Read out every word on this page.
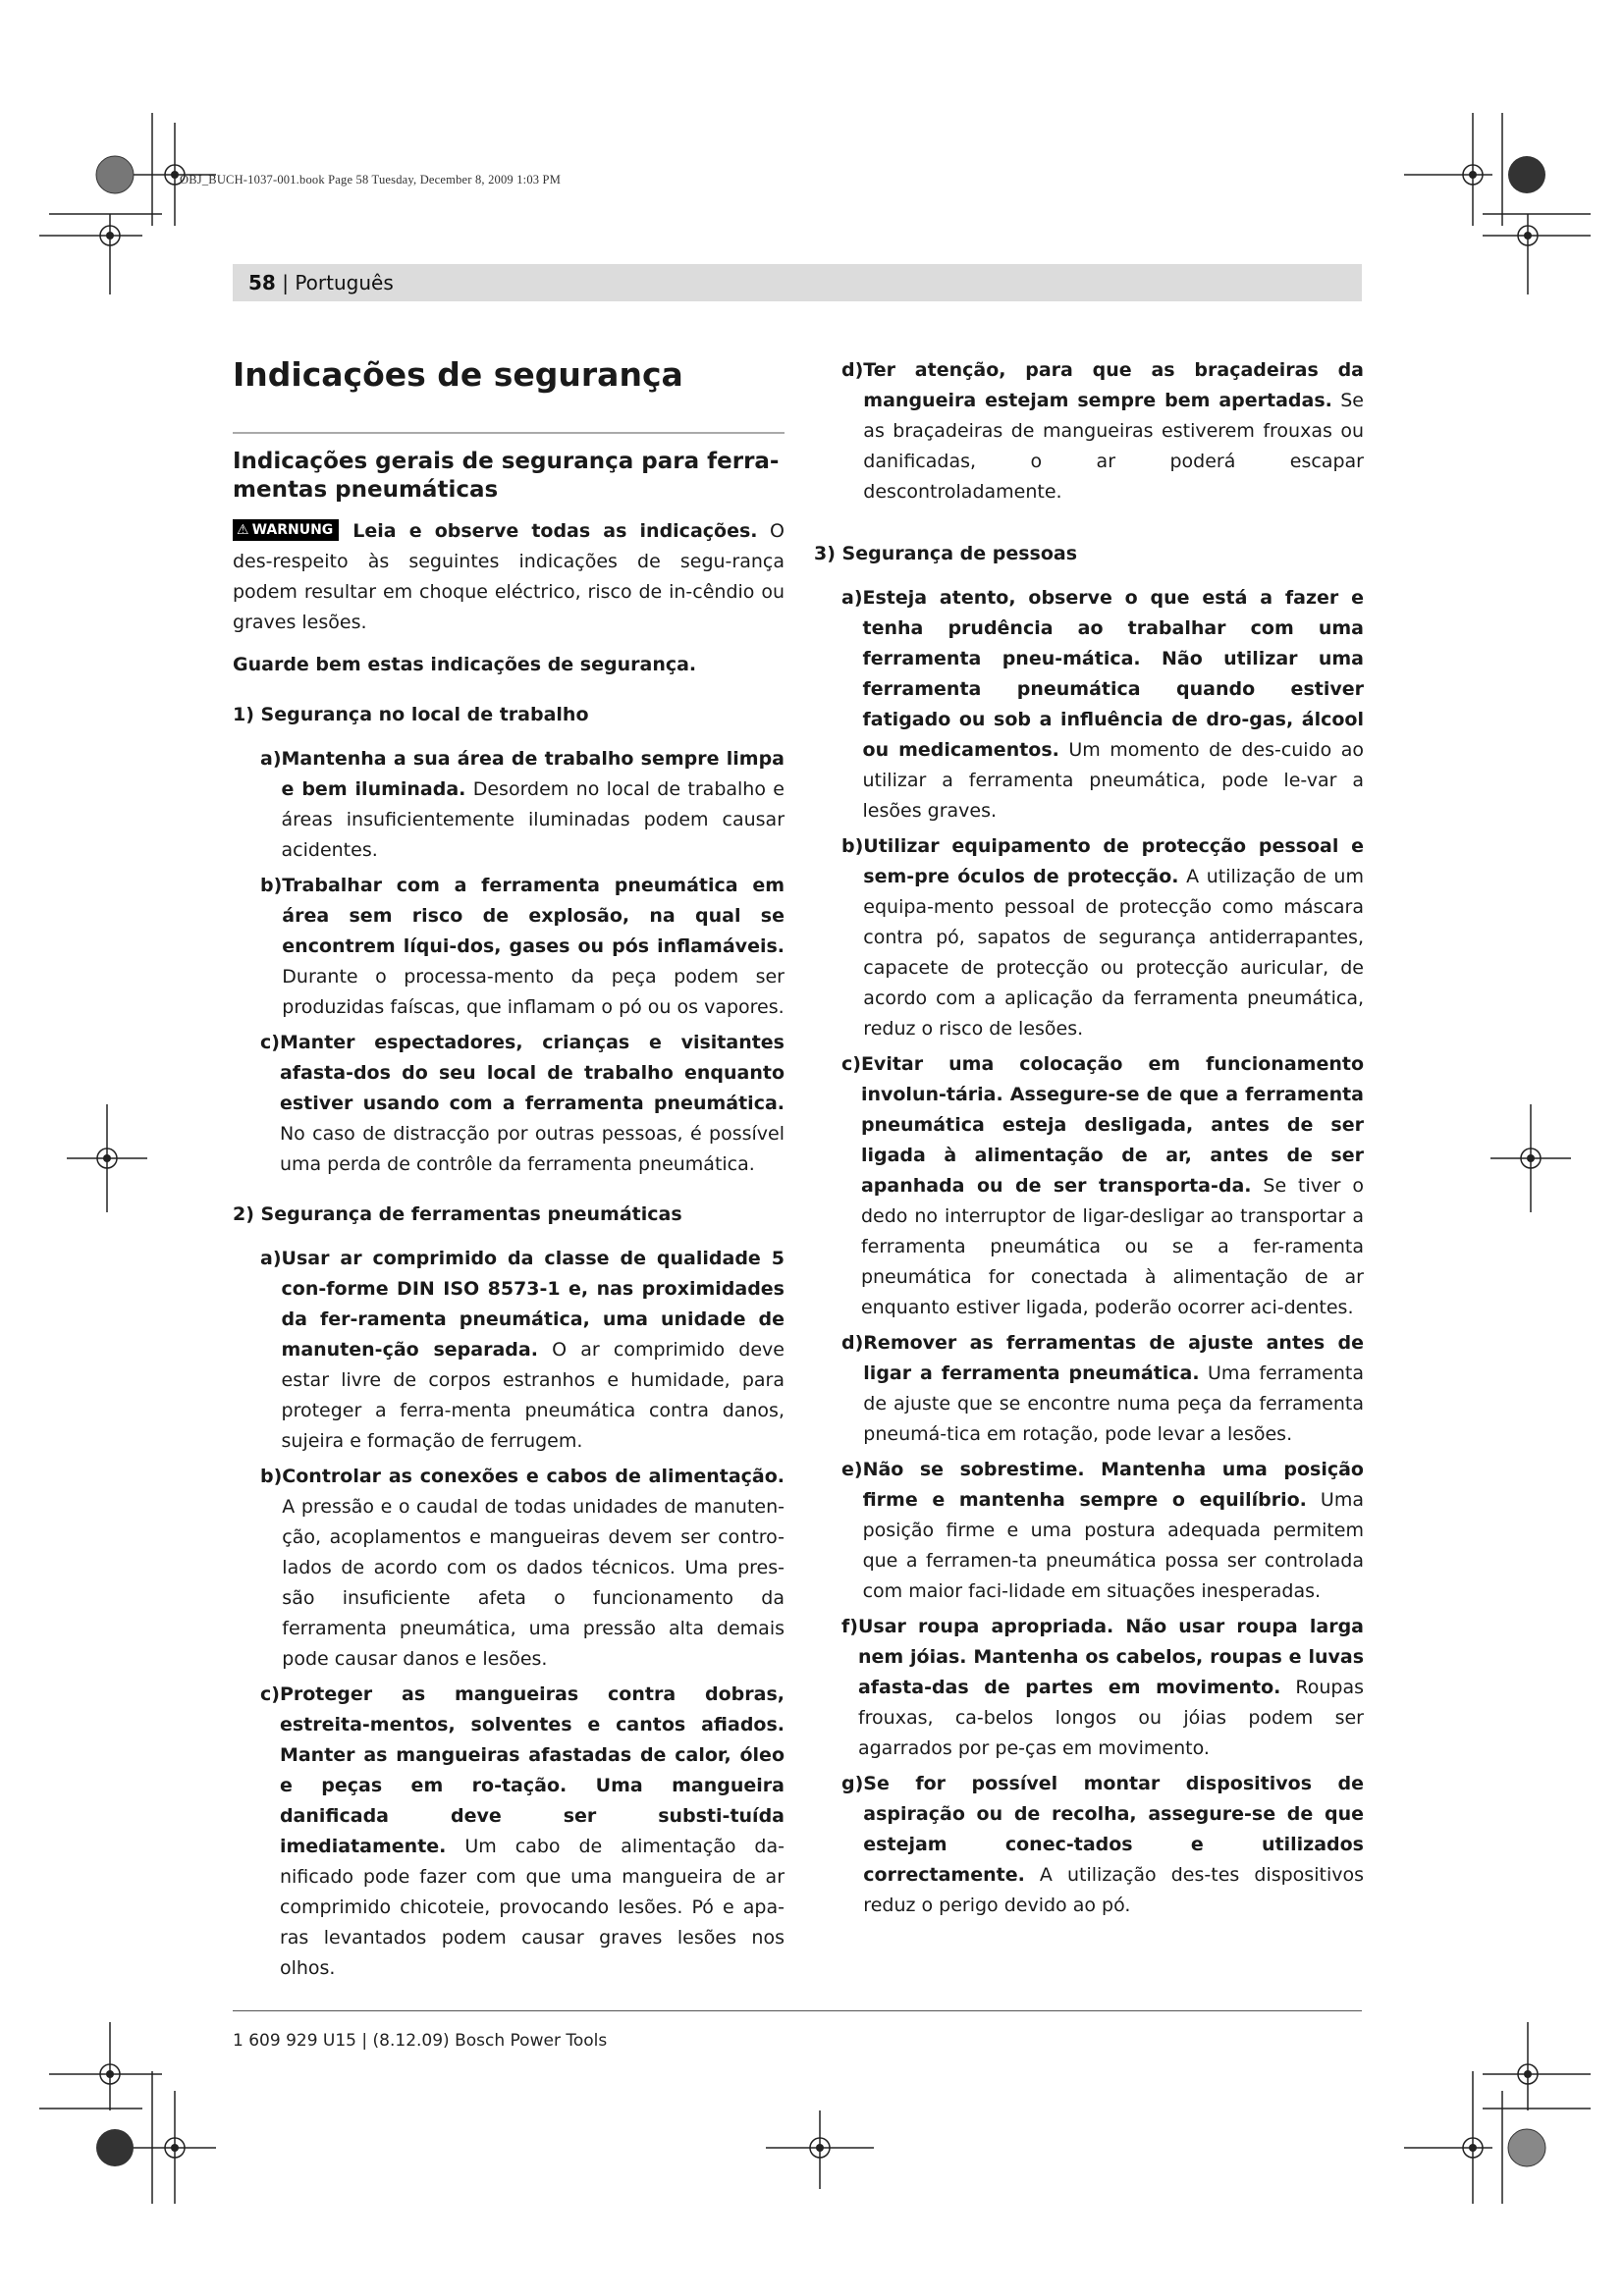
OBJ_BUCH-1037-001.book Page 58 Tuesday, December 8, 2009 1:03 PM
58 | Português
Indicações de segurança
Indicações gerais de segurança para ferra-mentas pneumáticas
⚠ WARNUNG	Leia e observe todas as indicações. O des-respeito às seguintes indicações de segu-rança podem resultar em choque eléctrico, risco de in-cêndio ou graves lesões.

Guarde bem estas indicações de segurança.

1) Segurança no local de trabalho

a) Mantenha a sua área de trabalho sempre limpa e bem iluminada. Desordem no local de trabalho e áreas insuficientemente iluminadas podem causar acidentes.

b) Trabalhar com a ferramenta pneumática em área sem risco de explosão, na qual se encontrem líqui-dos, gases ou pós inflamáveis. Durante o processa-mento da peça podem ser produzidas faíscas, que inflamam o pó ou os vapores.

c) Manter espectadores, crianças e visitantes afasta-dos do seu local de trabalho enquanto estiver usando com a ferramenta pneumática. No caso de distracção por outras pessoas, é possível uma perda de contrôle da ferramenta pneumática.

2) Segurança de ferramentas pneumáticas

a) Usar ar comprimido da classe de qualidade 5 con-forme DIN ISO 8573-1 e, nas proximidades da fer-ramenta pneumática, uma unidade de manuten-ção separada. O ar comprimido deve estar livre de corpos estranhos e humidade, para proteger a ferra-menta pneumática contra danos, sujeira e formação de ferrugem.

b) Controlar as conexões e cabos de alimentação. A pressão e o caudal de todas unidades de manuten-ção, acoplamentos e mangueiras devem ser contro-lados de acordo com os dados técnicos. Uma pres-são insuficiente afeta o funcionamento da ferramenta pneumática, uma pressão alta demais pode causar danos e lesões.

c) Proteger as mangueiras contra dobras, estreita-mentos, solventes e cantos afiados. Manter as mangueiras afastadas de calor, óleo e peças em ro-tação. Uma mangueira danificada deve ser substi-tuída imediatamente. Um cabo de alimentação da-nificado pode fazer com que uma mangueira de ar comprimido chicoteie, provocando lesões. Pó e apa-ras levantados podem causar graves lesões nos olhos.

d) Ter atenção, para que as braçadeiras da mangueira estejam sempre bem apertadas. Se as braçadeiras de mangueiras estiverem frouxas ou danificadas, o ar poderá escapar descontroladamente.

3) Segurança de pessoas

a) Esteja atento, observe o que está a fazer e tenha prudência ao trabalhar com uma ferramenta pneu-mática. Não utilizar uma ferramenta pneumática quando estiver fatigado ou sob a influência de dro-gas, álcool ou medicamentos. Um momento de des-cuido ao utilizar a ferramenta pneumática, pode le-var a lesões graves.

b) Utilizar equipamento de protecção pessoal e sem-pre óculos de protecção. A utilização de um equipa-mento pessoal de protecção como máscara contra pó, sapatos de segurança antiderrapantes, capacete de protecção ou protecção auricular, de acordo com a aplicação da ferramenta pneumática, reduz o risco de lesões.

c) Evitar uma colocação em funcionamento involun-tária. Assegure-se de que a ferramenta pneumática esteja desligada, antes de ser ligada à alimentação de ar, antes de ser apanhada ou de ser transporta-da. Se tiver o dedo no interruptor de ligar-desligar ao transportar a ferramenta pneumática ou se a fer-ramenta pneumática for conectada à alimentação de ar enquanto estiver ligada, poderão ocorrer aci-dentes.

d) Remover as ferramentas de ajuste antes de ligar a ferramenta pneumática. Uma ferramenta de ajuste que se encontre numa peça da ferramenta pneumá-tica em rotação, pode levar a lesões.

e) Não se sobrestime. Mantenha uma posição firme e mantenha sempre o equilíbrio. Uma posição firme e uma postura adequada permitem que a ferramen-ta pneumática possa ser controlada com maior faci-lidade em situações inesperadas.

f) Usar roupa apropriada. Não usar roupa larga nem jóias. Mantenha os cabelos, roupas e luvas afasta-das de partes em movimento. Roupas frouxas, ca-belos longos ou jóias podem ser agarrados por pe-ças em movimento.

g) Se for possível montar dispositivos de aspiração ou de recolha, assegure-se de que estejam conec-tados e utilizados correctamente. A utilização des-tes dispositivos reduz o perigo devido ao pó.

1 609 929 U15 | (8.12.09) Bosch Power Tools
